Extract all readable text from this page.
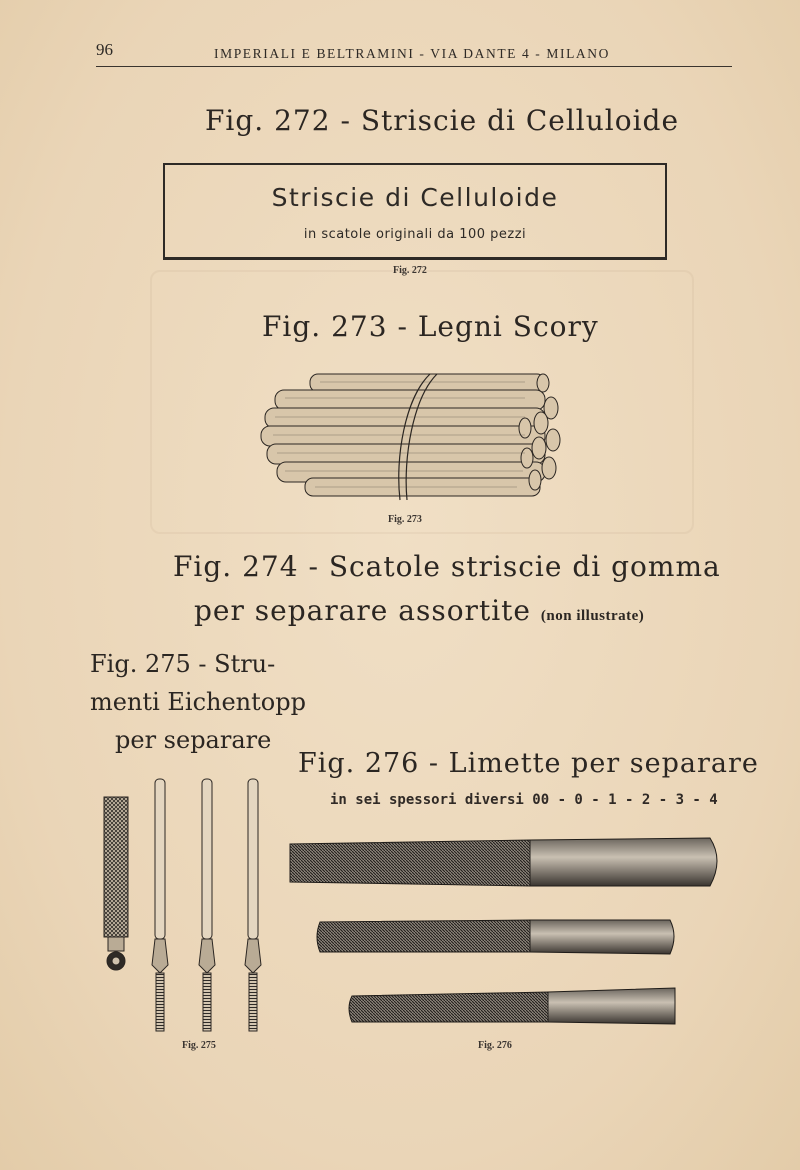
96	IMPERIALI E BELTRAMINI - VIA DANTE 4 - MILANO
Fig. 272 - Striscie di Celluloide
Striscie di Celluloide
in scatole originali da 100 pezzi
Fig. 272
Fig. 273 - Legni Scory
Fig. 273
Fig. 274 - Scatole striscie di gomma
per separare assortite (non illustrate)
Fig. 275 - Stru-
menti Eichentopp
per separare
Fig. 275
Fig. 276 - Limette per separare
in sei spessori diversi 00 - 0 - 1 - 2 - 3 - 4
Fig. 276
